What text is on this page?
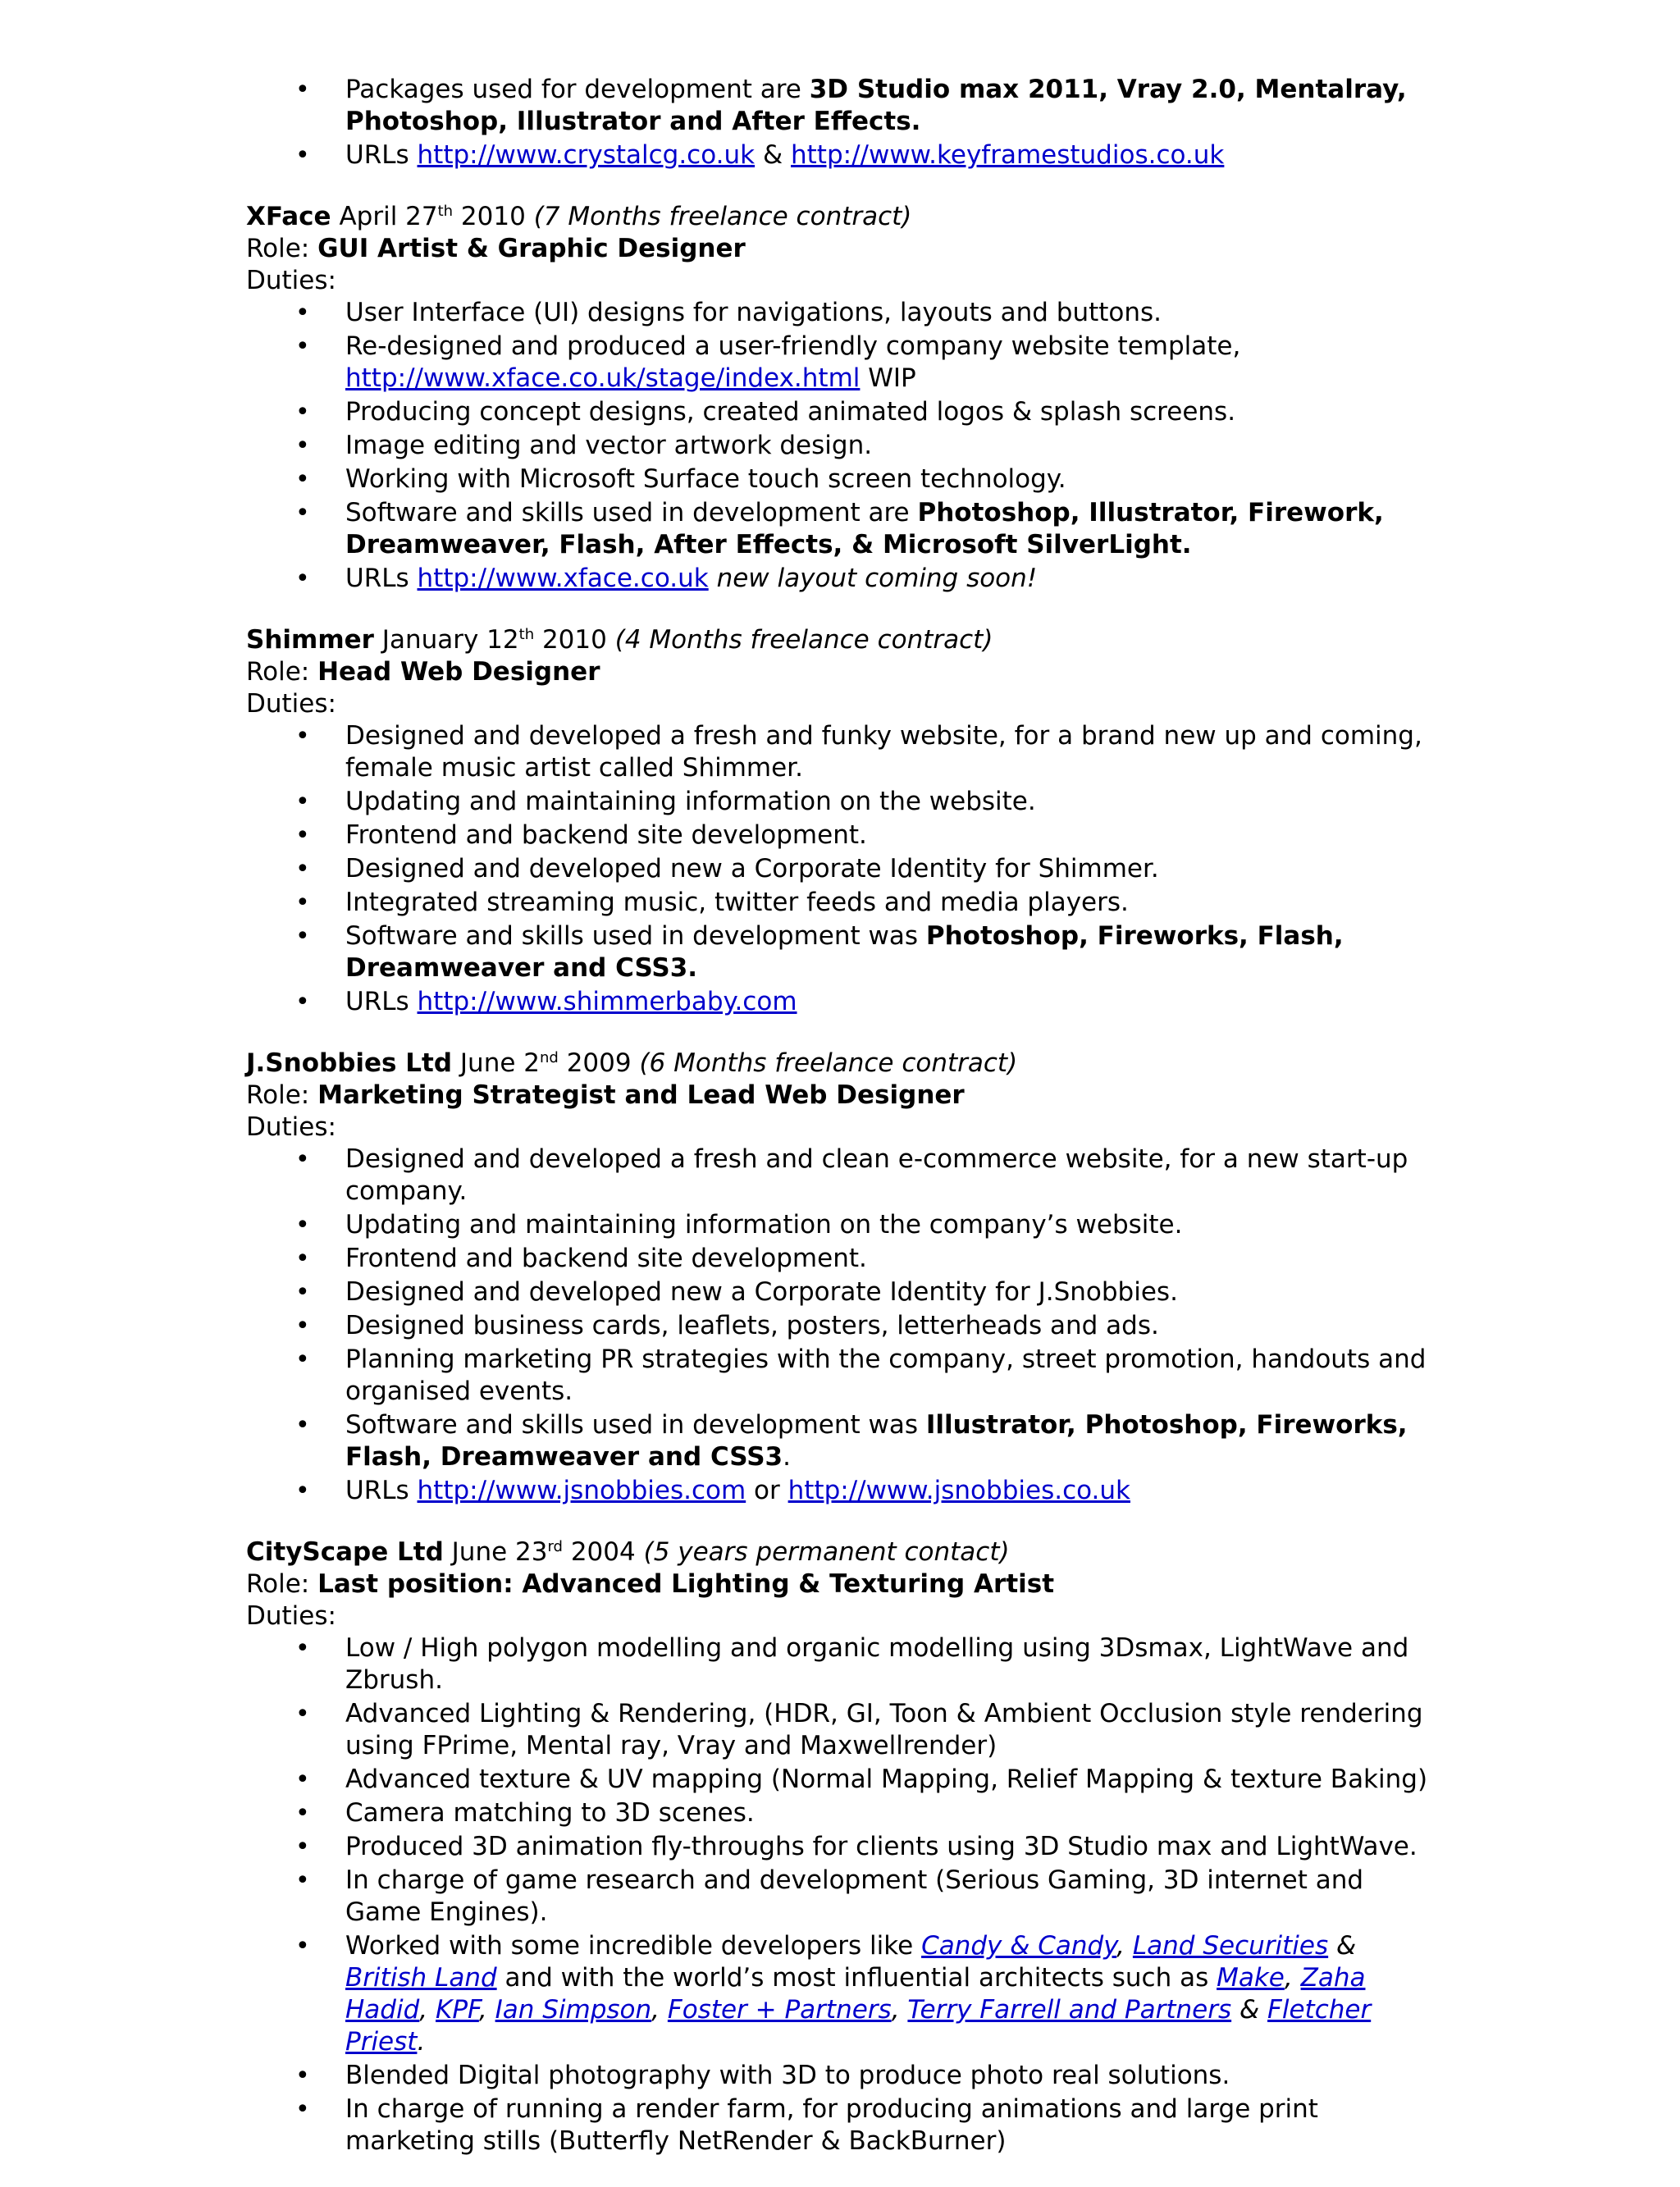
• Packages used for development are 3D Studio max 2011, Vray 2.0, Mentalray, Photoshop, Illustrator and After Effects.
• URLs http://www.crystalcg.co.uk & http://www.keyframestudios.co.uk

XFace April 27th 2010 (7 Months freelance contract)

Role: GUI Artist & Graphic Designer

Duties:

• User Interface (UI) designs for navigations, layouts and buttons.
• Re-designed and produced a user-friendly company website template, http://www.xface.co.uk/stage/index.html WIP
• Producing concept designs, created animated logos & splash screens.
• Image editing and vector artwork design.
• Working with Microsoft Surface touch screen technology.
• Software and skills used in development are Photoshop, Illustrator, Firework, Dreamweaver, Flash, After Effects, & Microsoft SilverLight.
• URLs http://www.xface.co.uk new layout coming soon!

Shimmer January 12th 2010 (4 Months freelance contract)

Role: Head Web Designer

Duties:

• Designed and developed a fresh and funky website, for a brand new up and coming, female music artist called Shimmer.
• Updating and maintaining information on the website.
• Frontend and backend site development.
• Designed and developed new a Corporate Identity for Shimmer.
• Integrated streaming music, twitter feeds and media players.
• Software and skills used in development was Photoshop, Fireworks, Flash, Dreamweaver and CSS3.
• URLs http://www.shimmerbaby.com

J.Snobbies Ltd June 2nd 2009 (6 Months freelance contract)

Role: Marketing Strategist and Lead Web Designer

Duties:

• Designed and developed a fresh and clean e-commerce website, for a new start-up company.
• Updating and maintaining information on the company’s website.
• Frontend and backend site development.
• Designed and developed new a Corporate Identity for J.Snobbies.
• Designed business cards, leaflets, posters, letterheads and ads.
• Planning marketing PR strategies with the company, street promotion, handouts and organised events.
• Software and skills used in development was Illustrator, Photoshop, Fireworks, Flash, Dreamweaver and CSS3.
• URLs http://www.jsnobbies.com or http://www.jsnobbies.co.uk

CityScape Ltd June 23rd 2004 (5 years permanent contact)

Role: Last position: Advanced Lighting & Texturing Artist

Duties:

• Low / High polygon modelling and organic modelling using 3Dsmax, LightWave and Zbrush.
• Advanced Lighting & Rendering, (HDR, GI, Toon & Ambient Occlusion style rendering using FPrime, Mental ray, Vray and Maxwellrender)
• Advanced texture & UV mapping (Normal Mapping, Relief Mapping & texture Baking)
• Camera matching to 3D scenes.
• Produced 3D animation fly-throughs for clients using 3D Studio max and LightWave.
• In charge of game research and development (Serious Gaming, 3D internet and Game Engines).
• Worked with some incredible developers like Candy & Candy, Land Securities & British Land and with the world’s most influential architects such as Make, Zaha Hadid, KPF, Ian Simpson, Foster + Partners, Terry Farrell and Partners & Fletcher Priest.
• Blended Digital photography with 3D to produce photo real solutions.
• In charge of running a render farm, for producing animations and large print marketing stills (Butterfly NetRender & BackBurner)
